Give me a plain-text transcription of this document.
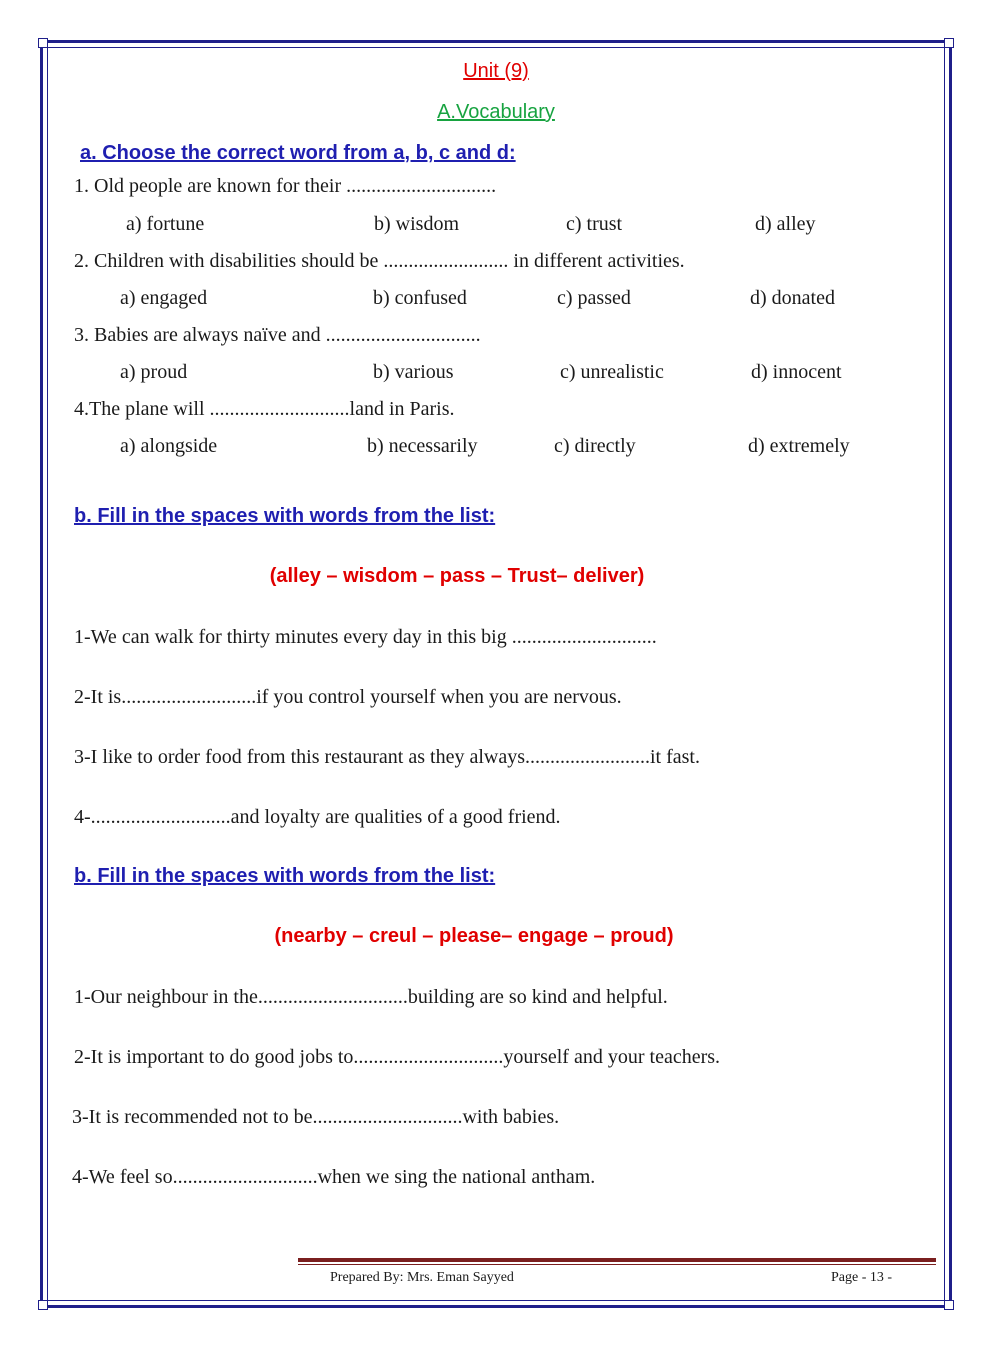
Unit (9)
A.Vocabulary
a. Choose the correct word from a, b, c and d:
1. Old people are known for their ..............................
a) fortune	b) wisdom	c) trust	d) alley
2. Children with disabilities should be ......................... in different activities.
a) engaged	b) confused	c) passed	d) donated
3. Babies are always naïve and ...............................
a) proud	b) various	c) unrealistic	d) innocent
4.The plane will ............................land in Paris.
a) alongside	b) necessarily	c) directly	d) extremely
b. Fill in the spaces with words from the list:
(alley – wisdom – pass – Trust– deliver)
1-We can walk for thirty minutes every day in this big .............................
2-It is...........................if you control yourself when you are nervous.
3-I like to order food from this restaurant as they always.........................it fast.
4-............................and loyalty are qualities of a good friend.
b. Fill in the spaces with words from the list:
(nearby – creul – please– engage – proud)
1-Our neighbour in the..............................building are so kind and helpful.
2-It is important to do good jobs to..............................yourself and your teachers.
3-It is recommended not to be..............................with babies.
4-We feel so.............................when we sing the national antham.
Prepared By: Mrs. Eman Sayyed	Page - 13 -
